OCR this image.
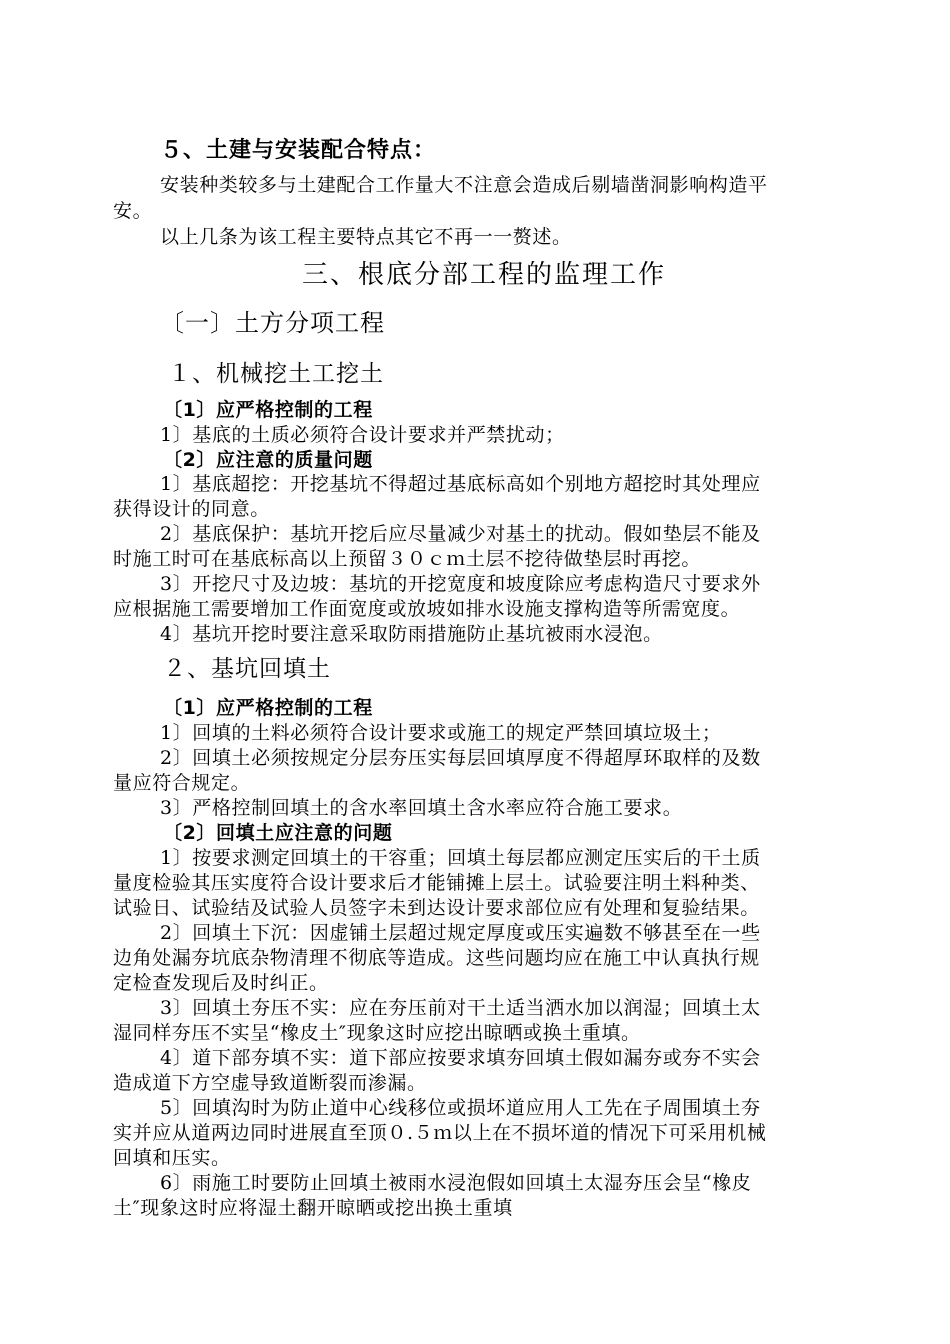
５、土建与安装配合特点：
安装种类较多与土建配合工作量大不注意会造成后剔墙凿洞影响构造平
安。
以上几条为该工程主要特点其它不再一一赘述。
三、根底分部工程的监理工作
〔一〕土方分项工程
１、机械挖土工挖土
〔1〕应严格控制的工程
1〕基底的土质必须符合设计要求并严禁扰动；
〔2〕应注意的质量问题
1〕基底超挖：开挖基坑不得超过基底标高如个别地方超挖时其处理应
获得设计的同意。
2〕基底保护：基坑开挖后应尽量减少对基土的扰动。假如垫层不能及
时施工时可在基底标高以上预留３０ｃｍ土层不挖待做垫层时再挖。
3〕开挖尺寸及边坡：基坑的开挖宽度和坡度除应考虑构造尺寸要求外
应根据施工需要增加工作面宽度或放坡如排水设施支撑构造等所需宽度。
4〕基坑开挖时要注意采取防雨措施防止基坑被雨水浸泡。
２、基坑回填土
〔1〕应严格控制的工程
1〕回填的土料必须符合设计要求或施工的规定严禁回填垃圾土；
2〕回填土必须按规定分层夯压实每层回填厚度不得超厚环取样的及数
量应符合规定。
3〕严格控制回填土的含水率回填土含水率应符合施工要求。
〔2〕回填土应注意的问题
1〕按要求测定回填土的干容重；回填土每层都应测定压实后的干土质
量度检验其压实度符合设计要求后才能铺摊上层土。试验要注明土料种类、
试验日、试验结及试验人员签字未到达设计要求部位应有处理和复验结果。
2〕回填土下沉：因虚铺土层超过规定厚度或压实遍数不够甚至在一些
边角处漏夯坑底杂物清理不彻底等造成。这些问题均应在施工中认真执行规
定检查发现后及时纠正。
3〕回填土夯压不实：应在夯压前对干土适当洒水加以润湿；回填土太
湿同样夯压不实呈“橡皮土″现象这时应挖出晾晒或换土重填。
4〕道下部夯填不实：道下部应按要求填夯回填土假如漏夯或夯不实会
造成道下方空虚导致道断裂而渗漏。
5〕回填沟时为防止道中心线移位或损坏道应用人工先在子周围填土夯
实并应从道两边同时进展直至顶０.５ｍ以上在不损坏道的情况下可采用机械
回填和压实。
6〕雨施工时要防止回填土被雨水浸泡假如回填土太湿夯压会呈“橡皮
土″现象这时应将湿土翻开晾晒或挖出换土重填
